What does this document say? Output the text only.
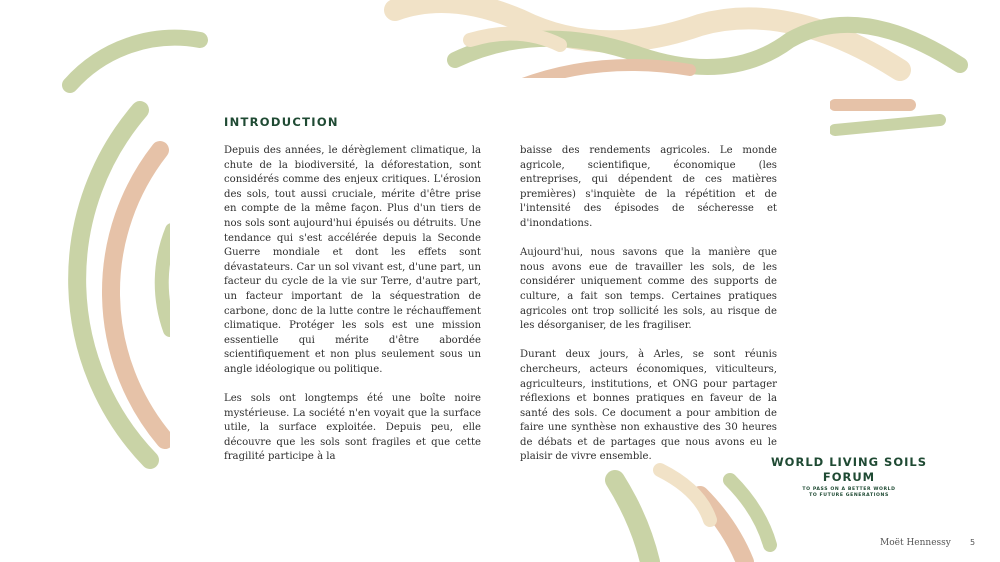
INTRODUCTION

Depuis des années, le dérèglement climatique, la chute de la biodiversité, la déforestation, sont considérés comme des enjeux critiques. L'érosion des sols, tout aussi cruciale, mérite d'être prise en compte de la même façon. Plus d'un tiers de nos sols sont aujourd'hui épuisés ou détruits. Une tendance qui s'est accélérée depuis la Seconde Guerre mondiale et dont les effets sont dévastateurs. Car un sol vivant est, d'une part, un facteur du cycle de la vie sur Terre, d'autre part, un facteur important de la séquestration de carbone, donc de la lutte contre le réchauffement climatique. Protéger les sols est une mission essentielle qui mérite d'être abordée scientifiquement et non plus seulement sous un angle idéologique ou politique.

Les sols ont longtemps été une boîte noire mystérieuse. La société n'en voyait que la surface utile, la surface exploitée. Depuis peu, elle découvre que les sols sont fragiles et que cette fragilité participe à la

baisse des rendements agricoles. Le monde agricole, scientifique, économique (les entreprises, qui dépendent de ces matières premières) s'inquiète de la répétition et de l'intensité des épisodes de sécheresse et d'inondations.

Aujourd'hui, nous savons que la manière que nous avons eue de travailler les sols, de les considérer uniquement comme des supports de culture, a fait son temps. Certaines pratiques agricoles ont trop sollicité les sols, au risque de les désorganiser, de les fragiliser.

Durant deux jours, à Arles, se sont réunis chercheurs, acteurs économiques, viticulteurs, agriculteurs, institutions, et ONG pour partager réflexions et bonnes pratiques en faveur de la santé des sols. Ce document a pour ambition de faire une synthèse non exhaustive des 30 heures de débats et de partages que nous avons eu le plaisir de vivre ensemble.	WORLD LIVING SOILS
FORUM
TO PASS ON A BETTER WORLD
TO FUTURE GENERATIONS
Moët Hennessy 5
